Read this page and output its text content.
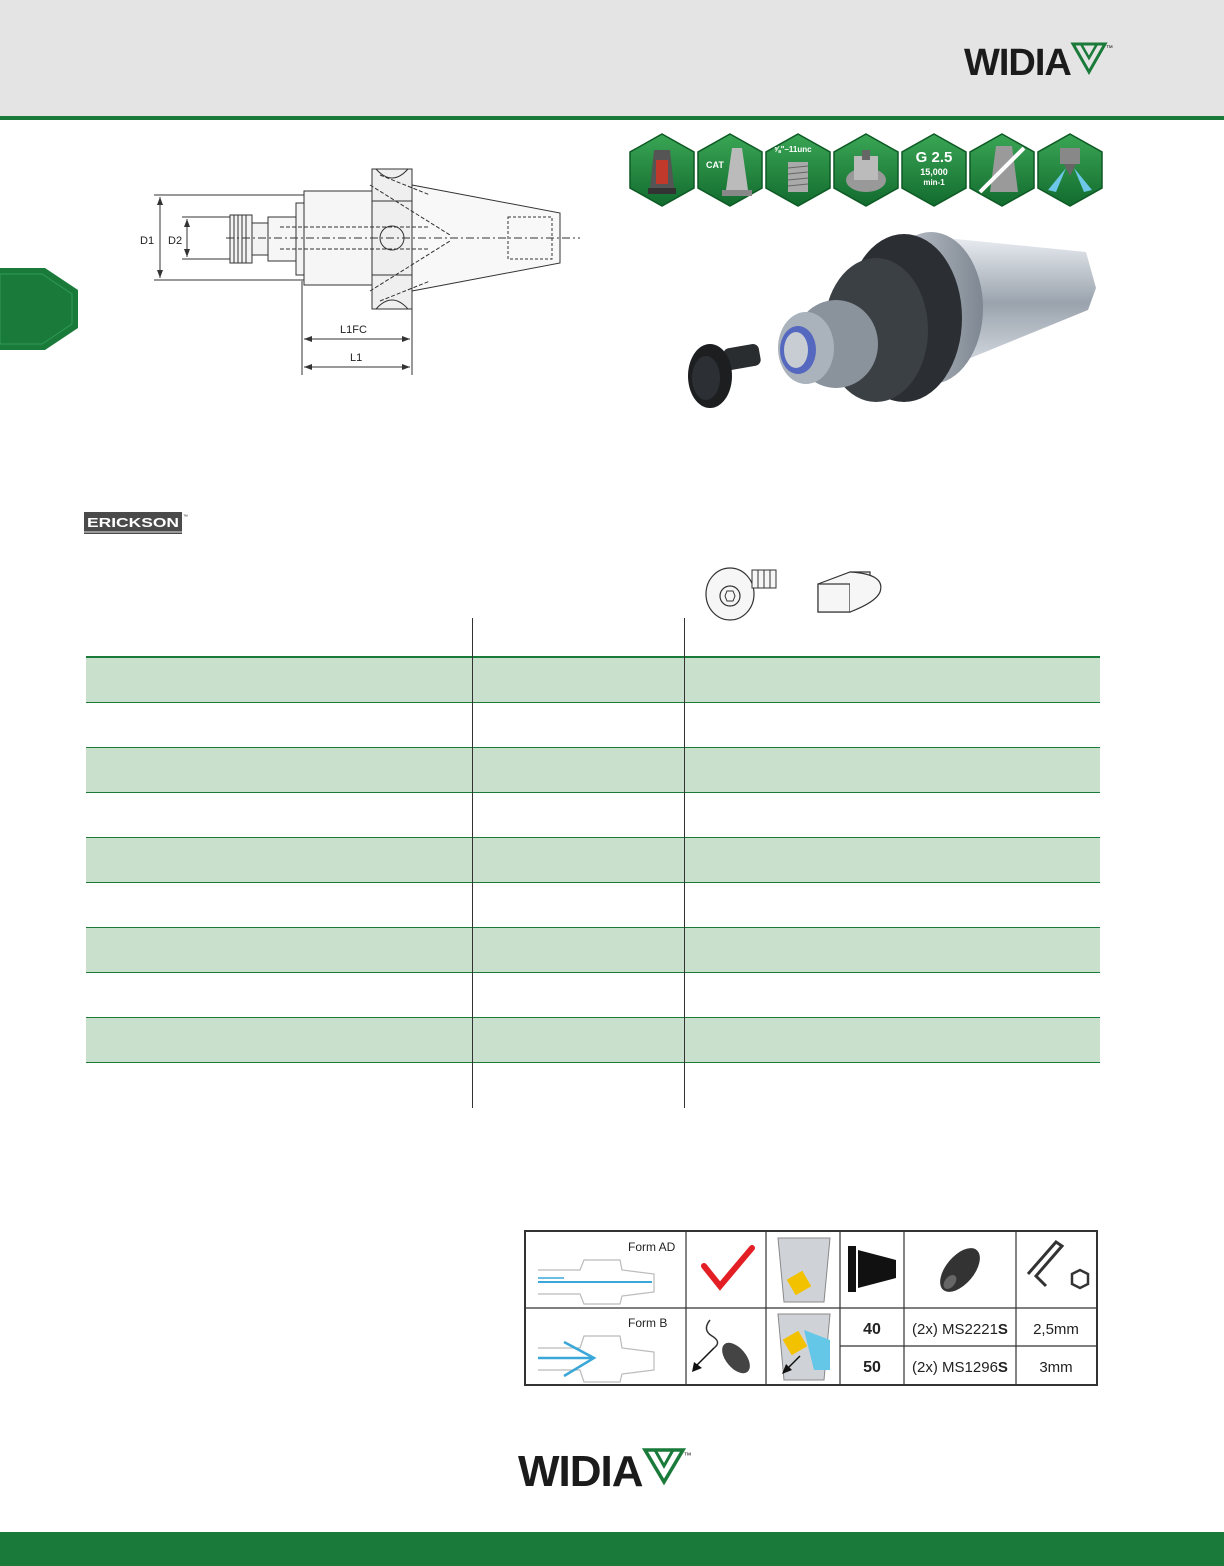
WIDIA	™
D1 D2
L1FC
L1
CAT
⅝"–11unc	G 2.5
15,000
min-1
ERICKSON ™
Form AD
Form B	40 (2x) MS2221S 2,5mm
50 (2x) MS1296S 3mm
WIDIA	™
